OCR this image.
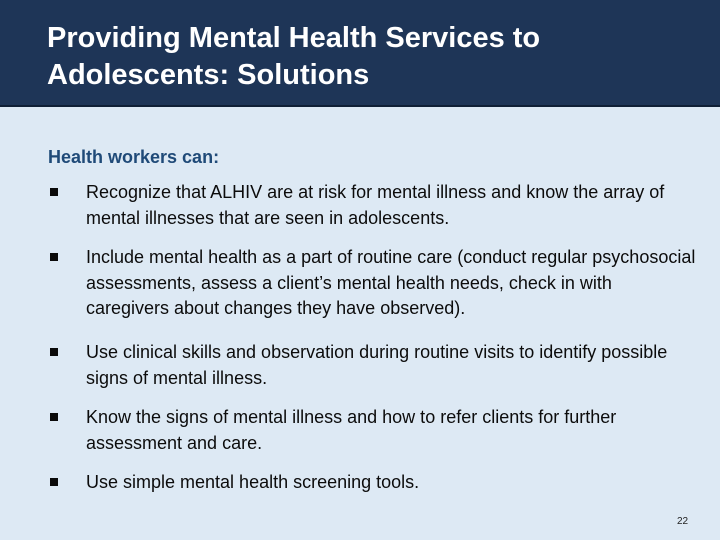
Providing Mental Health Services to Adolescents: Solutions

Health workers can:

Recognize that ALHIV are at risk for mental illness and know the array of mental illnesses that are seen in adolescents.
Include mental health as a part of routine care (conduct regular psychosocial assessments, assess a client’s mental health needs, check in with caregivers about changes they have observed).
Use clinical skills and observation during routine visits to identify possible signs of mental illness.
Know the signs of mental illness and how to refer clients for further assessment and care.
Use simple mental health screening tools.
22
